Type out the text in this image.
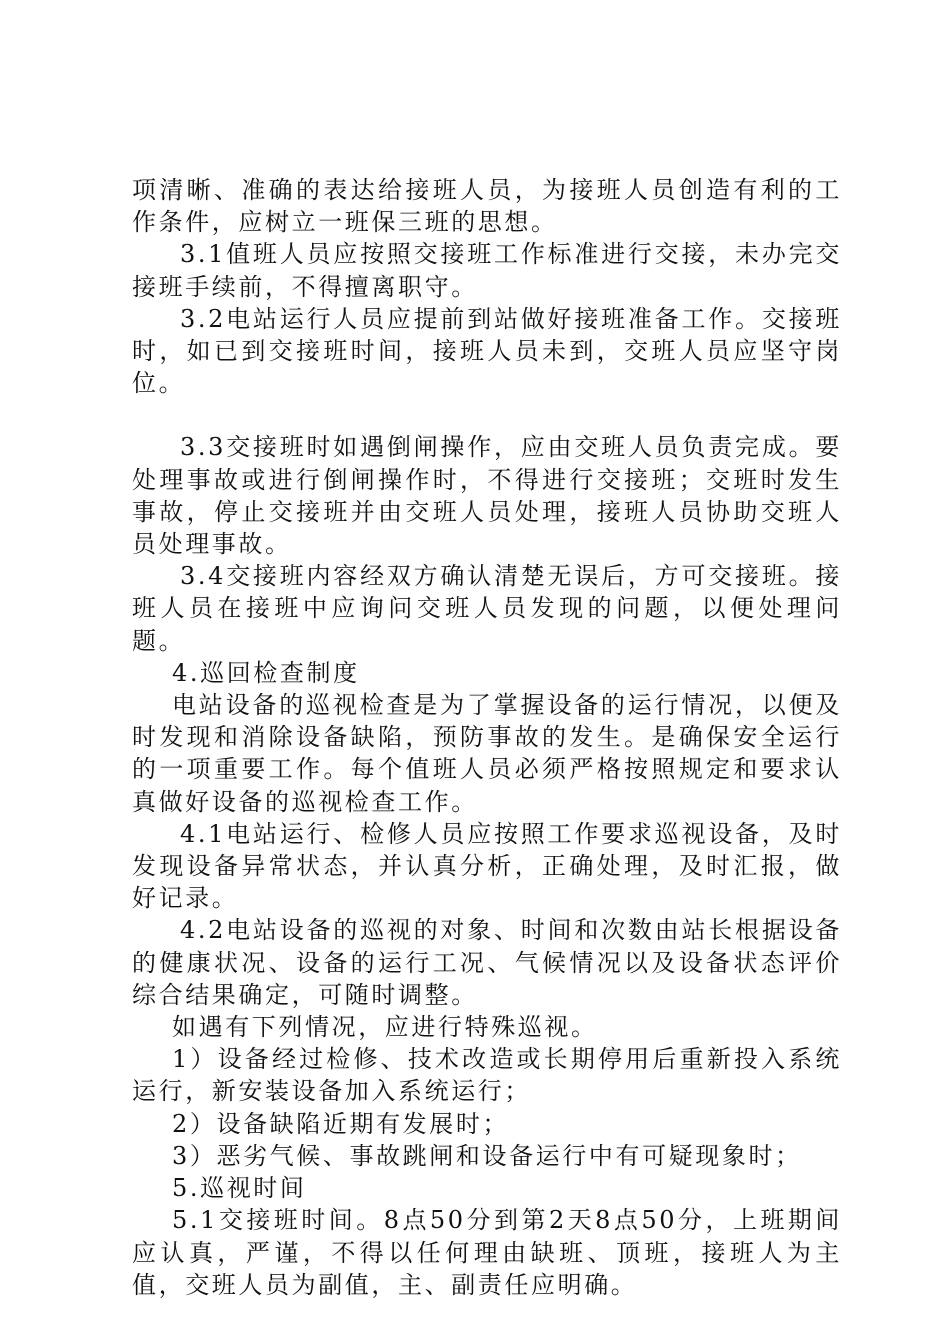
项清晰、准确的表达给接班人员，为接班人员创造有利的工作条件，应树立一班保三班的思想。

3.1值班人员应按照交接班工作标准进行交接，未办完交接班手续前，不得擅离职守。

3.2电站运行人员应提前到站做好接班准备工作。交接班时，如已到交接班时间，接班人员未到，交班人员应坚守岗位。

3.3交接班时如遇倒闸操作，应由交班人员负责完成。要处理事故或进行倒闸操作时，不得进行交接班；交班时发生事故，停止交接班并由交班人员处理，接班人员协助交班人员处理事故。

3.4交接班内容经双方确认清楚无误后，方可交接班。接班人员在接班中应询问交班人员发现的问题，以便处理问题。

4.巡回检查制度

电站设备的巡视检查是为了掌握设备的运行情况，以便及时发现和消除设备缺陷，预防事故的发生。是确保安全运行的一项重要工作。每个值班人员必须严格按照规定和要求认真做好设备的巡视检查工作。

4.1电站运行、检修人员应按照工作要求巡视设备，及时发现设备异常状态，并认真分析，正确处理，及时汇报，做好记录。

4.2电站设备的巡视的对象、时间和次数由站长根据设备的健康状况、设备的运行工况、气候情况以及设备状态评价综合结果确定，可随时调整。

如遇有下列情况，应进行特殊巡视。

1）设备经过检修、技术改造或长期停用后重新投入系统运行，新安装设备加入系统运行；

2）设备缺陷近期有发展时；

3）恶劣气候、事故跳闸和设备运行中有可疑现象时；

5.巡视时间

5.1交接班时间。8点50分到第2天8点50分，上班期间应认真，严谨，不得以任何理由缺班、顶班，接班人为主值，交班人员为副值，主、副责任应明确。
